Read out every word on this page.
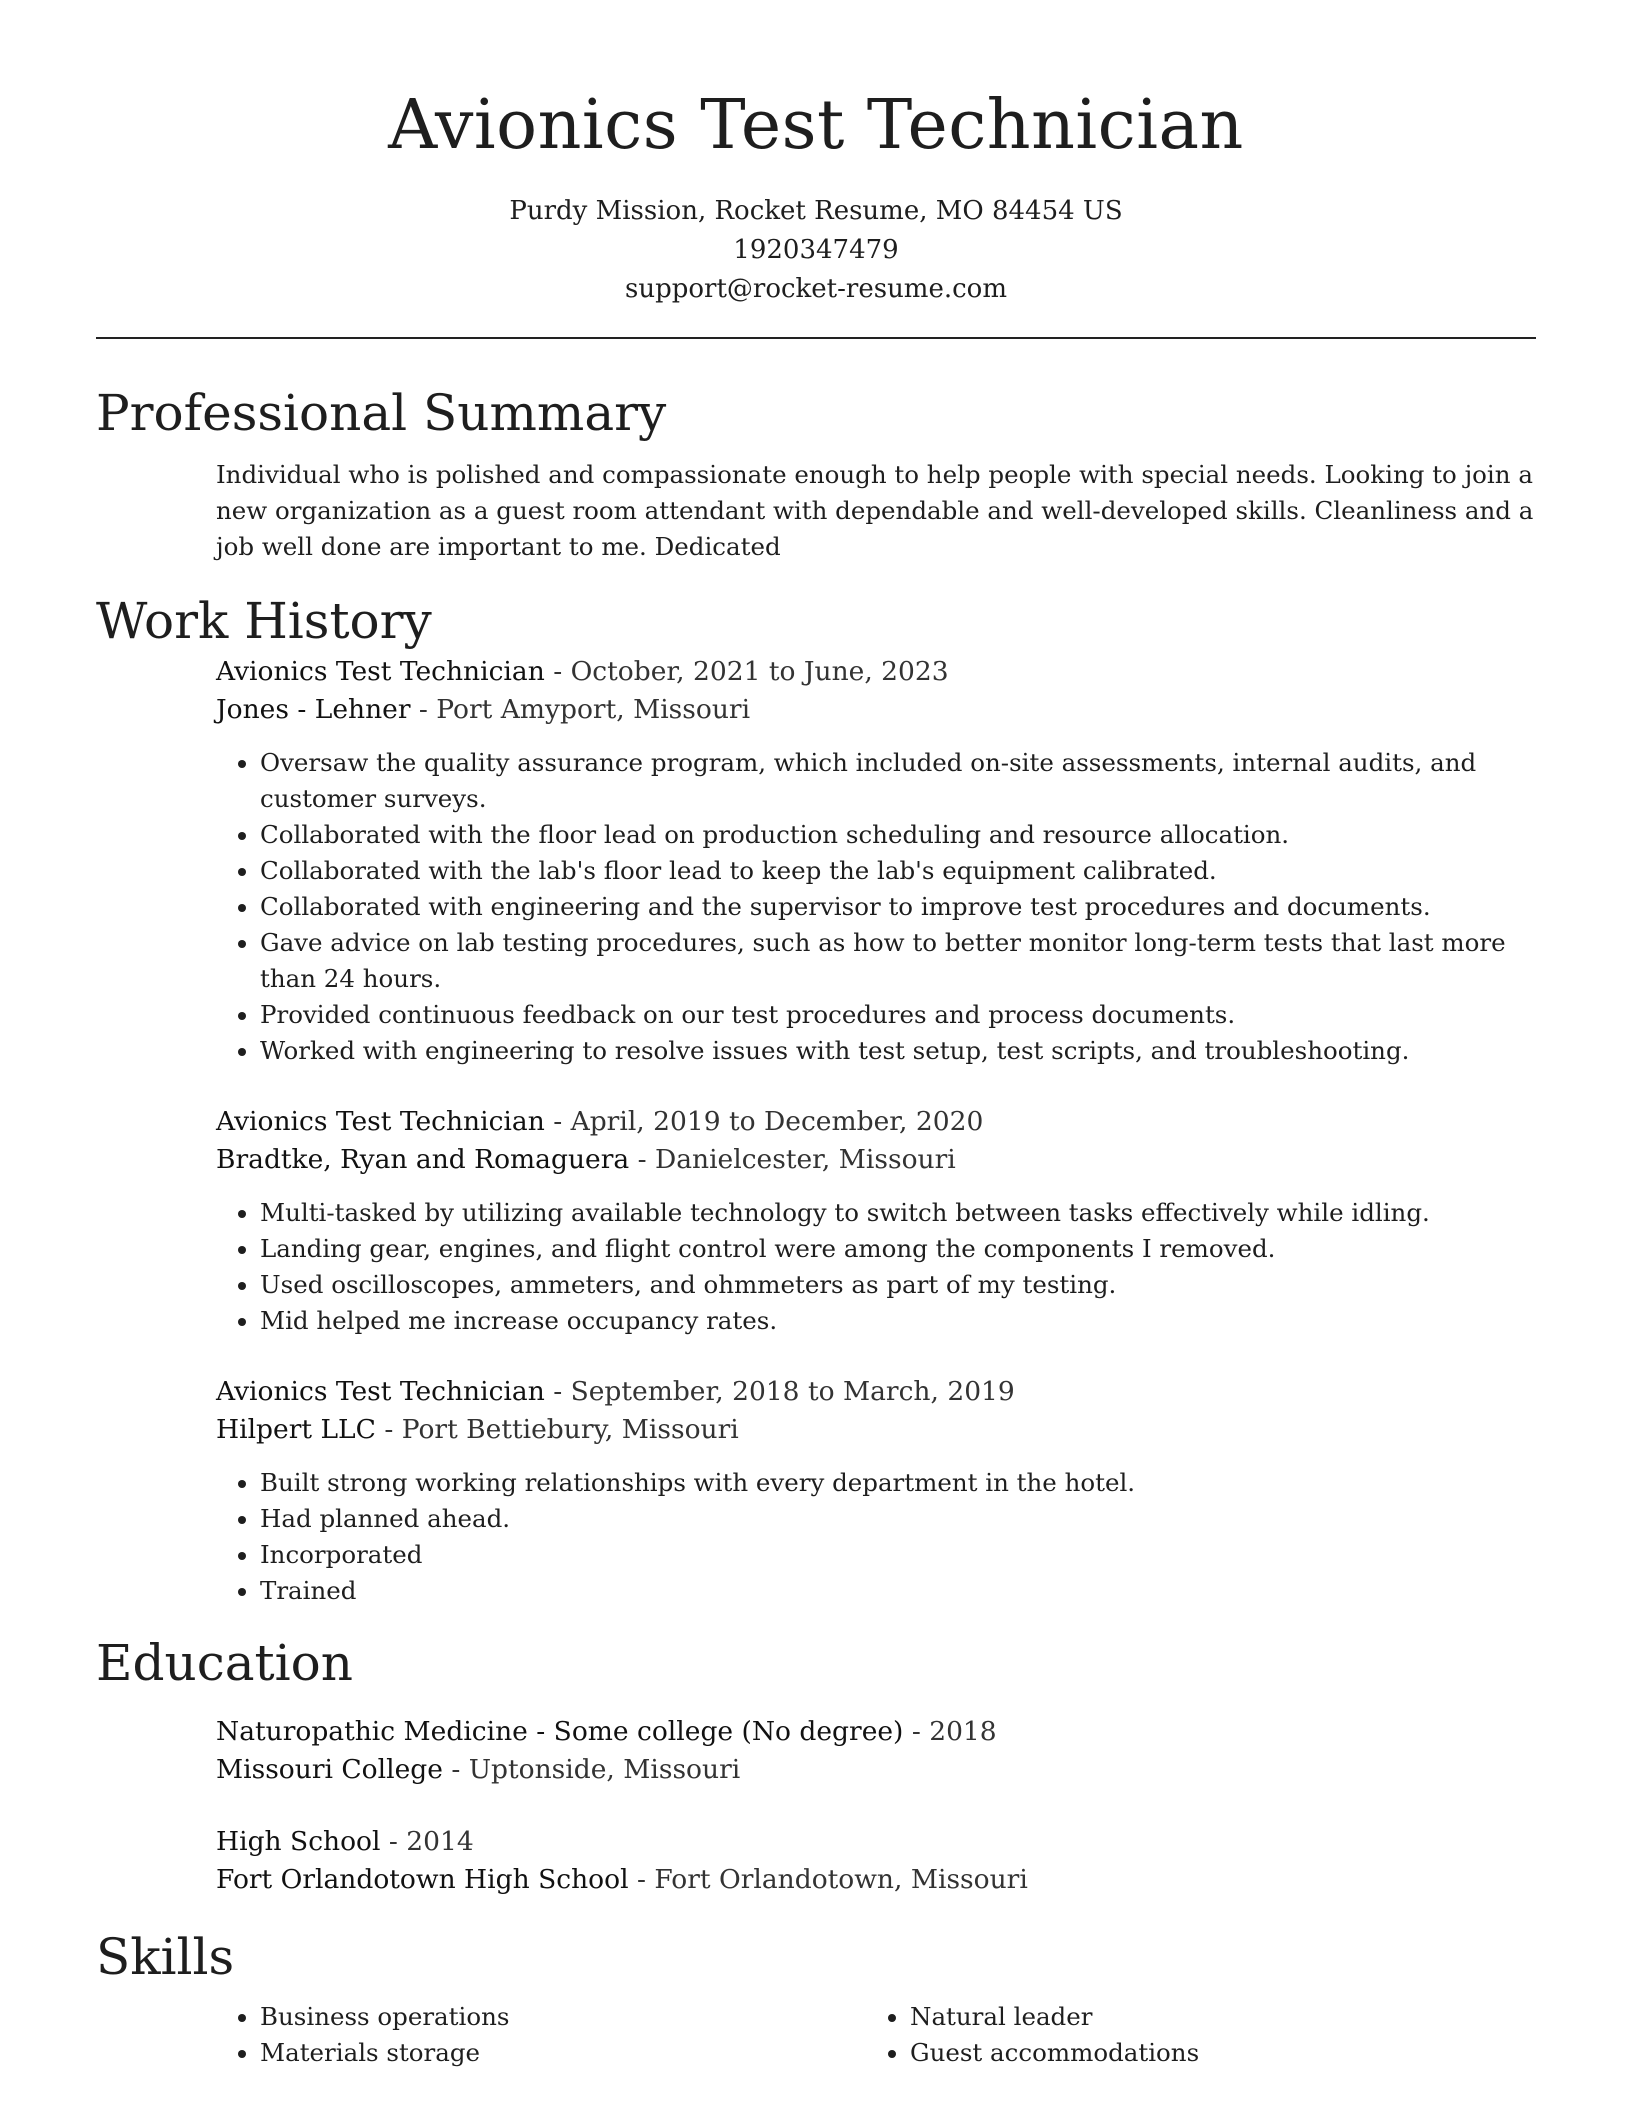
Avionics Test Technician
Purdy Mission, Rocket Resume, MO 84454 US
1920347479
support@rocket-resume.com
Professional Summary
Individual who is polished and compassionate enough to help people with special needs. Looking to join a new organization as a guest room attendant with dependable and well-developed skills. Cleanliness and a job well done are important to me. Dedicated
Work History
Avionics Test Technician - October, 2021 to June, 2023
Jones - Lehner - Port Amyport, Missouri
• Oversaw the quality assurance program, which included on-site assessments, internal audits, and customer surveys.
• Collaborated with the floor lead on production scheduling and resource allocation.
• Collaborated with the lab's floor lead to keep the lab's equipment calibrated.
• Collaborated with engineering and the supervisor to improve test procedures and documents.
• Gave advice on lab testing procedures, such as how to better monitor long-term tests that last more than 24 hours.
• Provided continuous feedback on our test procedures and process documents.
• Worked with engineering to resolve issues with test setup, test scripts, and troubleshooting.
Avionics Test Technician - April, 2019 to December, 2020
Bradtke, Ryan and Romaguera - Danielcester, Missouri
• Multi-tasked by utilizing available technology to switch between tasks effectively while idling.
• Landing gear, engines, and flight control were among the components I removed.
• Used oscilloscopes, ammeters, and ohmmeters as part of my testing.
• Mid helped me increase occupancy rates.
Avionics Test Technician - September, 2018 to March, 2019
Hilpert LLC - Port Bettiebury, Missouri
• Built strong working relationships with every department in the hotel.
• Had planned ahead.
• Incorporated
• Trained
Education
Naturopathic Medicine - Some college (No degree) - 2018
Missouri College - Uptonside, Missouri
High School - 2014
Fort Orlandotown High School - Fort Orlandotown, Missouri
Skills
• Business operations
• Materials storage
• Natural leader
• Guest accommodations
